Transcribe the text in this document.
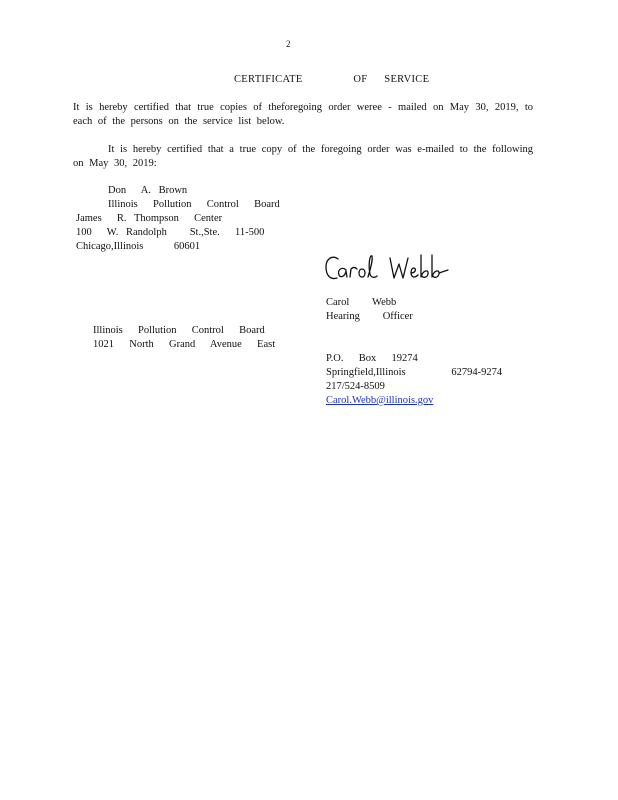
2
CERTIFICATE   OF SERVICE
It is hereby certified that true copies of theforegoing order weree - mailed on May 30, 2019, to each of the persons on the service list below.
It is hereby certified that a true copy of the foregoing order was e-mailed to the following on May 30, 2019:
Don  A. Brown
Illinois  Pollution  Control  Board
James  R. Thompson  Center
100  W. Randolph   St.,Ste.  11-500
Chicago,Illinois    60601
Carol Webb
Carol   Webb
Hearing   Officer
Illinois  Pollution  Control  Board
1021  North  Grand  Avenue  East
P.O.  Box  19274
Springfield,Illinois      62794-9274
217/524-8509
Carol.Webb@illinois.gov
